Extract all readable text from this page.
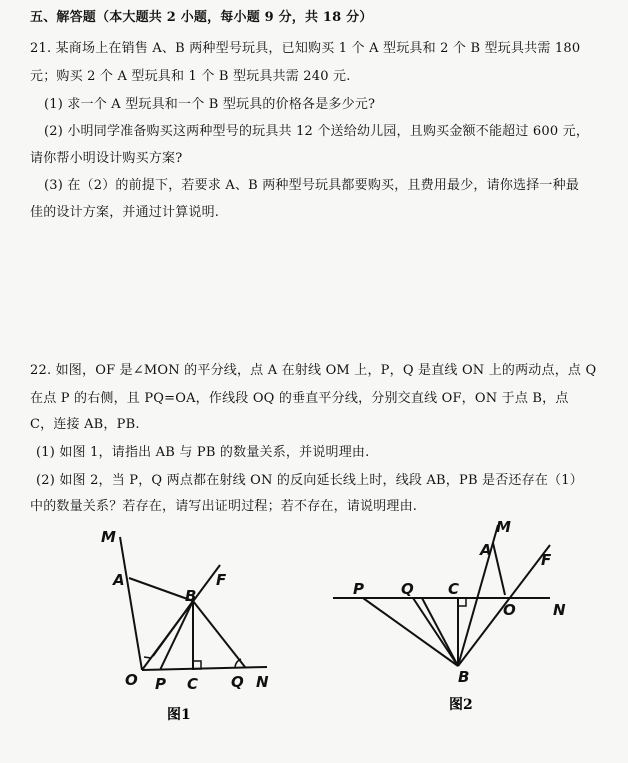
五、解答题（本大题共 2 小题，每小题 9 分，共 18 分）
21. 某商场上在销售 A、B 两种型号玩具，已知购买 1 个 A 型玩具和 2 个 B 型玩具共需 180
元；购买 2 个 A 型玩具和 1 个 B 型玩具共需 240 元.
(1) 求一个 A 型玩具和一个 B 型玩具的价格各是多少元?
(2) 小明同学准备购买这两种型号的玩具共 12 个送给幼儿园，且购买金额不能超过 600 元，
请你帮小明设计购买方案?
(3) 在（2）的前提下，若要求 A、B 两种型号玩具都要购买，且费用最少，请你选择一种最
佳的设计方案，并通过计算说明.
22. 如图，OF 是∠MON 的平分线，点 A 在射线 OM 上，P，Q 是直线 ON 上的两动点，点 Q
在点 P 的右侧，且 PQ=OA，作线段 OQ 的垂直平分线，分别交直线 OF，ON 于点 B，点
C，连接 AB，PB.
(1) 如图 1，请指出 AB 与 PB 的数量关系，并说明理由.
(2) 如图 2，当 P，Q 两点都在射线 ON 的反向延长线上时，线段 AB，PB 是否还存在（1）
中的数量关系？若存在，请写出证明过程；若不存在，请说明理由.
M
A
B
F
O P C Q N
图1
M
A
F
P Q C
O N
B
图2
